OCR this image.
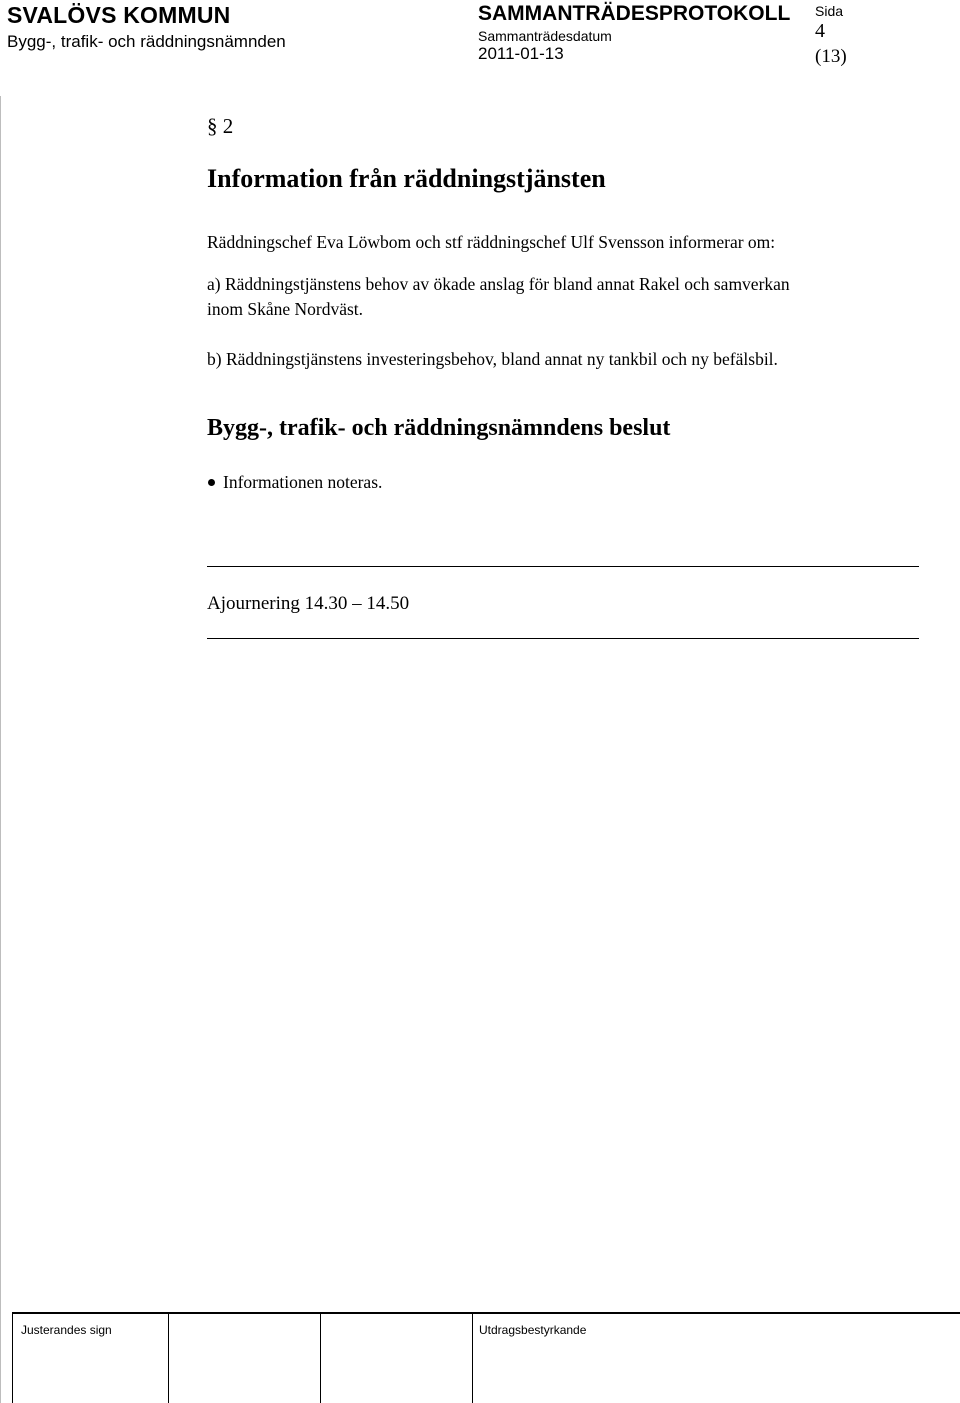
SVALÖVS KOMMUN
Bygg-, trafik- och räddningsnämnden
SAMMANTRÄDESPROTOKOLL
Sammanträdesdatum
2011-01-13
Sida
4
(13)
§ 2
Information från räddningstjänsten
Räddningschef Eva Löwbom och stf räddningschef Ulf Svensson informerar om:
a) Räddningstjänstens behov av ökade anslag för bland annat Rakel och samverkan
inom Skåne Nordväst.
b) Räddningstjänstens investeringsbehov, bland annat ny tankbil och ny befälsbil.
Bygg-, trafik- och räddningsnämndens beslut
Informationen noteras.
Ajournering 14.30 – 14.50
Justerandes sign	Utdragsbestyrkande
